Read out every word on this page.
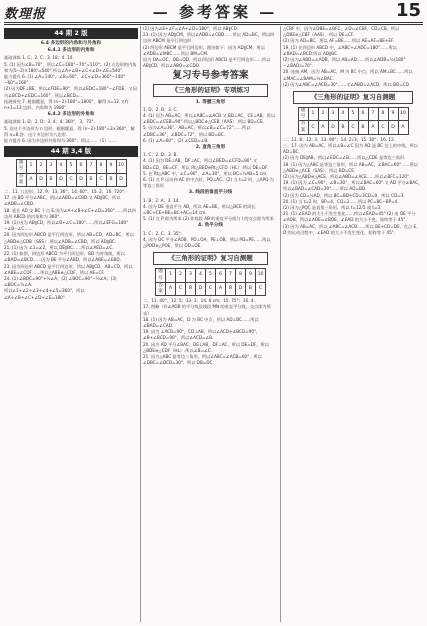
数理报	— 参考答案 —	15
44 期 2 版
6.4 多边形的内角和与外角和
6.4.1 多边形的内角和

基础训练 1. C；2. C；3. 18；4. 10.

5. (1) 因为∠B=70°，所以∠C=180°−70°=110°；(2) 五边形的内角和为(5−2)×180°=540°.所以∠A+∠B+∠C+∠D+∠E=540°.

能力提升 6. (1) ∠A=140°，∠B=60°，∠C+∠D=360°−140°−60°=160°.

(2) 因为DF⊥BE，所以∠FDE=90°，所以∠EDC=180°−∠FDE，又因为∠BCD+∠EDC=160°，所以∠BCD=...

拓展探究 7. 根据题意，得 (n−2)·180°=1800°，解得 n=12.又有 n+1=13 边形，内角和为 1980°.

6.4.2 多边形的外角和

基础训练 1. D；2. D；3. 4；4. 360°，3，72°.

5. 设这个多边形为 n 边形，根据题意，得 (n−2)·180°=3×360°，解得 n=8.答：这个多边形为八边形.

能力提升 6. 因为多边形外角和为 360°，所以……（1）……

44 期 3,4 版
题号	1	2	3	4	5	6	7	8	9	10
答案	A	D	B	D	C	D	B	C	B	D

二、11. 八边形；12. 9；13. 36°；14. 60°；15. 2；16. 720°.

17. 由 BD 平分∠ABC，所以∠ABD=∠CBD.又 AD∥BC，所以∠ADB=∠CBD.

18. 延长 AD 交 BC 于点 E.因为∠A+∠B+∠C+∠D=360°……所以四边形 ABCD 的内角和为 360°.

19. (1) 因为 AB∥CD，所以∠B+∠C=180°……所以∠EFG=180°−∠B−∠C……

20. 因为四边形 ABCD 是平行四边形，所以 AB=CD，AD=BC，所以△ABD≌△CDB（SSS）.所以∠ADB=∠CBD，所以 AD∥BC.

21. (1) 因为 ∠1=∠2，所以 DE∥BC……所以∠AED=∠C.

22. (1) 如图，四边形 ABCD 为平行四边形，BD 为对角线，所以 ∠BAD=∠BCD……因为 BE 平分∠ABD，所以∠ABE=∠EBD.

23. 因为四边形 ABCD 是平行四边形，所以 AB∥CD，AB=CD，所以∠ABE=∠CDF……所以△ABE≌△CDF，所以 AE=CF.

24. (1) ∠BOC=90°+½∠A；(2) ∠BOC=90°−½∠A；(3) ∠BOC=½∠A.

所以∠1+∠2+∠3+∠4+∠5=360°，所以 ∠A+∠B+∠C+∠D+∠E=180°.

(2) 因为∠E+∠F=∠A+∠D=180°，所以 AB∥CD.

23. (1) 因为 AD∥CM，所以∠ADB=∠CBD……所以 AD=BC，所以四边形 ABCM 是平行四边形.

(2) 四边形 ABCM 是平行四边形，理由如下：因为 AD∥CM，所以∠ADB=∠MBC……所以 BM=CM.

因为 OA=OC，OB=OD，所以四边形 ABCD 是平行四边形……所以 AB∥CD，所以∠ABO=∠CDO.

复习专号参考答案
《三角形的证明》专项练习
1. 等腰三角形

1. D；2. B；3. C.

4. (1) 因为 AB=AC，所以∠ABC=∠ACB.又 BD⊥AC，CE⊥AB，所以∠BDC=∠CEB=90°.所以△BDC≌△CEB（AAS）.所以 BD=CE.

5. 因为∠A=36°，AB=AC，所以∠B=∠C=72°……所以∠DBC=36°，∠BDC=72°，所以 BD=BC.

6. (1) ∠A=60°；(2) ∠CED=∠B.

2. 直角三角形

1. C；2. D；3. B.

4. (1) 因为 DE⊥AB，DF⊥AC，所以∠BED=∠CFD=90°.又 BD=CD，BE=CF，所以 Rt△BED≌Rt△CFD（HL）.所以 DE=DF.

5. 在 Rt△ABC 中，∠C=90°，∠A=30°，所以 BC=½AB=5 cm.

6. (1) 点 P 运动到 AC 的中点时，PQ⊥AC；(2) 当 t=2 时，△APQ 为等边三角形.

3. 线段的垂直平分线

1. B；2. A；3. 14.

4. 因为 DE 垂直平分 AB，所以 AE=BE，所以△BCE 的周长=BC+CE+BE=BC+AC=14 cm.

5. (1) 点 P 即为所求.(2) 作线段 AB 的垂直平分线与 l 的交点即为所求.

4. 角平分线

1. C；2. C；3. 35°.

4. 因为 OC 平分∠AOB，PD⊥OA，PE⊥OB，所以 PD=PE……所以△POD≌△POE，所以 OD=OE.

《三角形的证明》复习自测题
题号	1	2	3	4	5	6	7	8	9	10
答案	A	C	B	D	C	A	B	D	B	C

二、11. 40°；12. 5；13. 3；14. 6 cm；15. 75°；16. 4.

17. 图略（作∠AOB 的平分线及线段 MN 的垂直平分线，交点即为所求）.

18. (1) 因为 AB=AC，D 为 BC 中点，所以 AD⊥BC……所以∠BAD=∠CAD.

19. 因为 ∠ACB=90°，CD⊥AB，所以∠ACD+∠BCD=90°，∠B+∠BCD=90°，所以∠ACD=∠B.

20. 因为 AD 平分∠BAC，DE⊥AB，DF⊥AC，所以 DE=DF，所以△BDE≌△CDF（HL）.所以∠B=∠C.

21. 因为△ABC 是等边三角形，所以∠ABC=∠ACB=60°，所以∠DBC=∠DCB=30°，所以 DB=DC.

△CBF 中，因为∠DBE=∠BFC，∠D=∠CBF，CD=CB，所以△DBE≌△CBF（AAS），所以 DE=CF.

(2) 因为 AD=BC，所以 AF=BE……所以 AE=AF=BE+EF.

19. (1) 在四边形 ABCD 中，∠ABC+∠ADC=180°……所以∠BAD=∠BCD.所以 AD∥BC.

(2) 因为∠ABD=∠ADB，所以 AB=AD……所以∠ADB=½(180°−∠BAD)=70°.

20. 连接 AM，因为 AB=AC，M 为 BC 中点，所以 AM⊥BC……所以∠MAC=∠BAM=½∠BAC.

(2) 因为∠ABC=∠ACB=30°……又∠ABD=∠ACD，所以 BD=CD.

《三角形的证明》复习自测题
题号	1	2	3	4	5	6	7	8	9	10
答案	C	A	D	B	C	B	A	C	D	A

二、11. 8；12. 3；13. 90°；14. 2√3；15. 30°；16. 12.

三、17. 因为 AB=AC，所以∠B=∠C.因为 AD 是 BC 边上的中线，所以 AD⊥BC.

(2) 因为 DE∥AB，所以∠EDC=∠B……所以△CDE 是等边三角形.

18. (1) 因为△ABC 是等边三角形，所以 AB=AC，∠BAC=60°……所以△ABD≌△ACE（SAS），所以 BD=CE.

(2) 因为△ABD≌△ACE，所以∠ABD=∠ACE……所以∠BFC=120°.

19. (1) 因为 ∠C=90°，∠B=30°，所以∠BAC=60°.又 AD 平分∠BAC，所以∠BAD=∠CAD=30°……所以 AD=BD.

(2) 因为 CD=½AD，所以 BC=BD+CD=3CD=9，所以 CD=3.

20. (1) 当 t=2 时，BP=4，CQ=2……所以 PC=BC−BP=4.

(2) 因为△PQC 是直角三角形，所以 t=12/5 或 t=3.

21. (1) ∠EAD 的大小不发生变化……所以∠EAD=45°.(2) 由 OE 平分∠AOB，所以∠AOE=∠BOE，∠EAD 的大小不变，始终等于 45°.

(3) 因为 AB=AC，所以 ∠ABC=∠ACB……所以 BE+CD=DE，在点 E、D 的运动过程中，∠EAD 的大小不发生变化，始终等于 45°.
